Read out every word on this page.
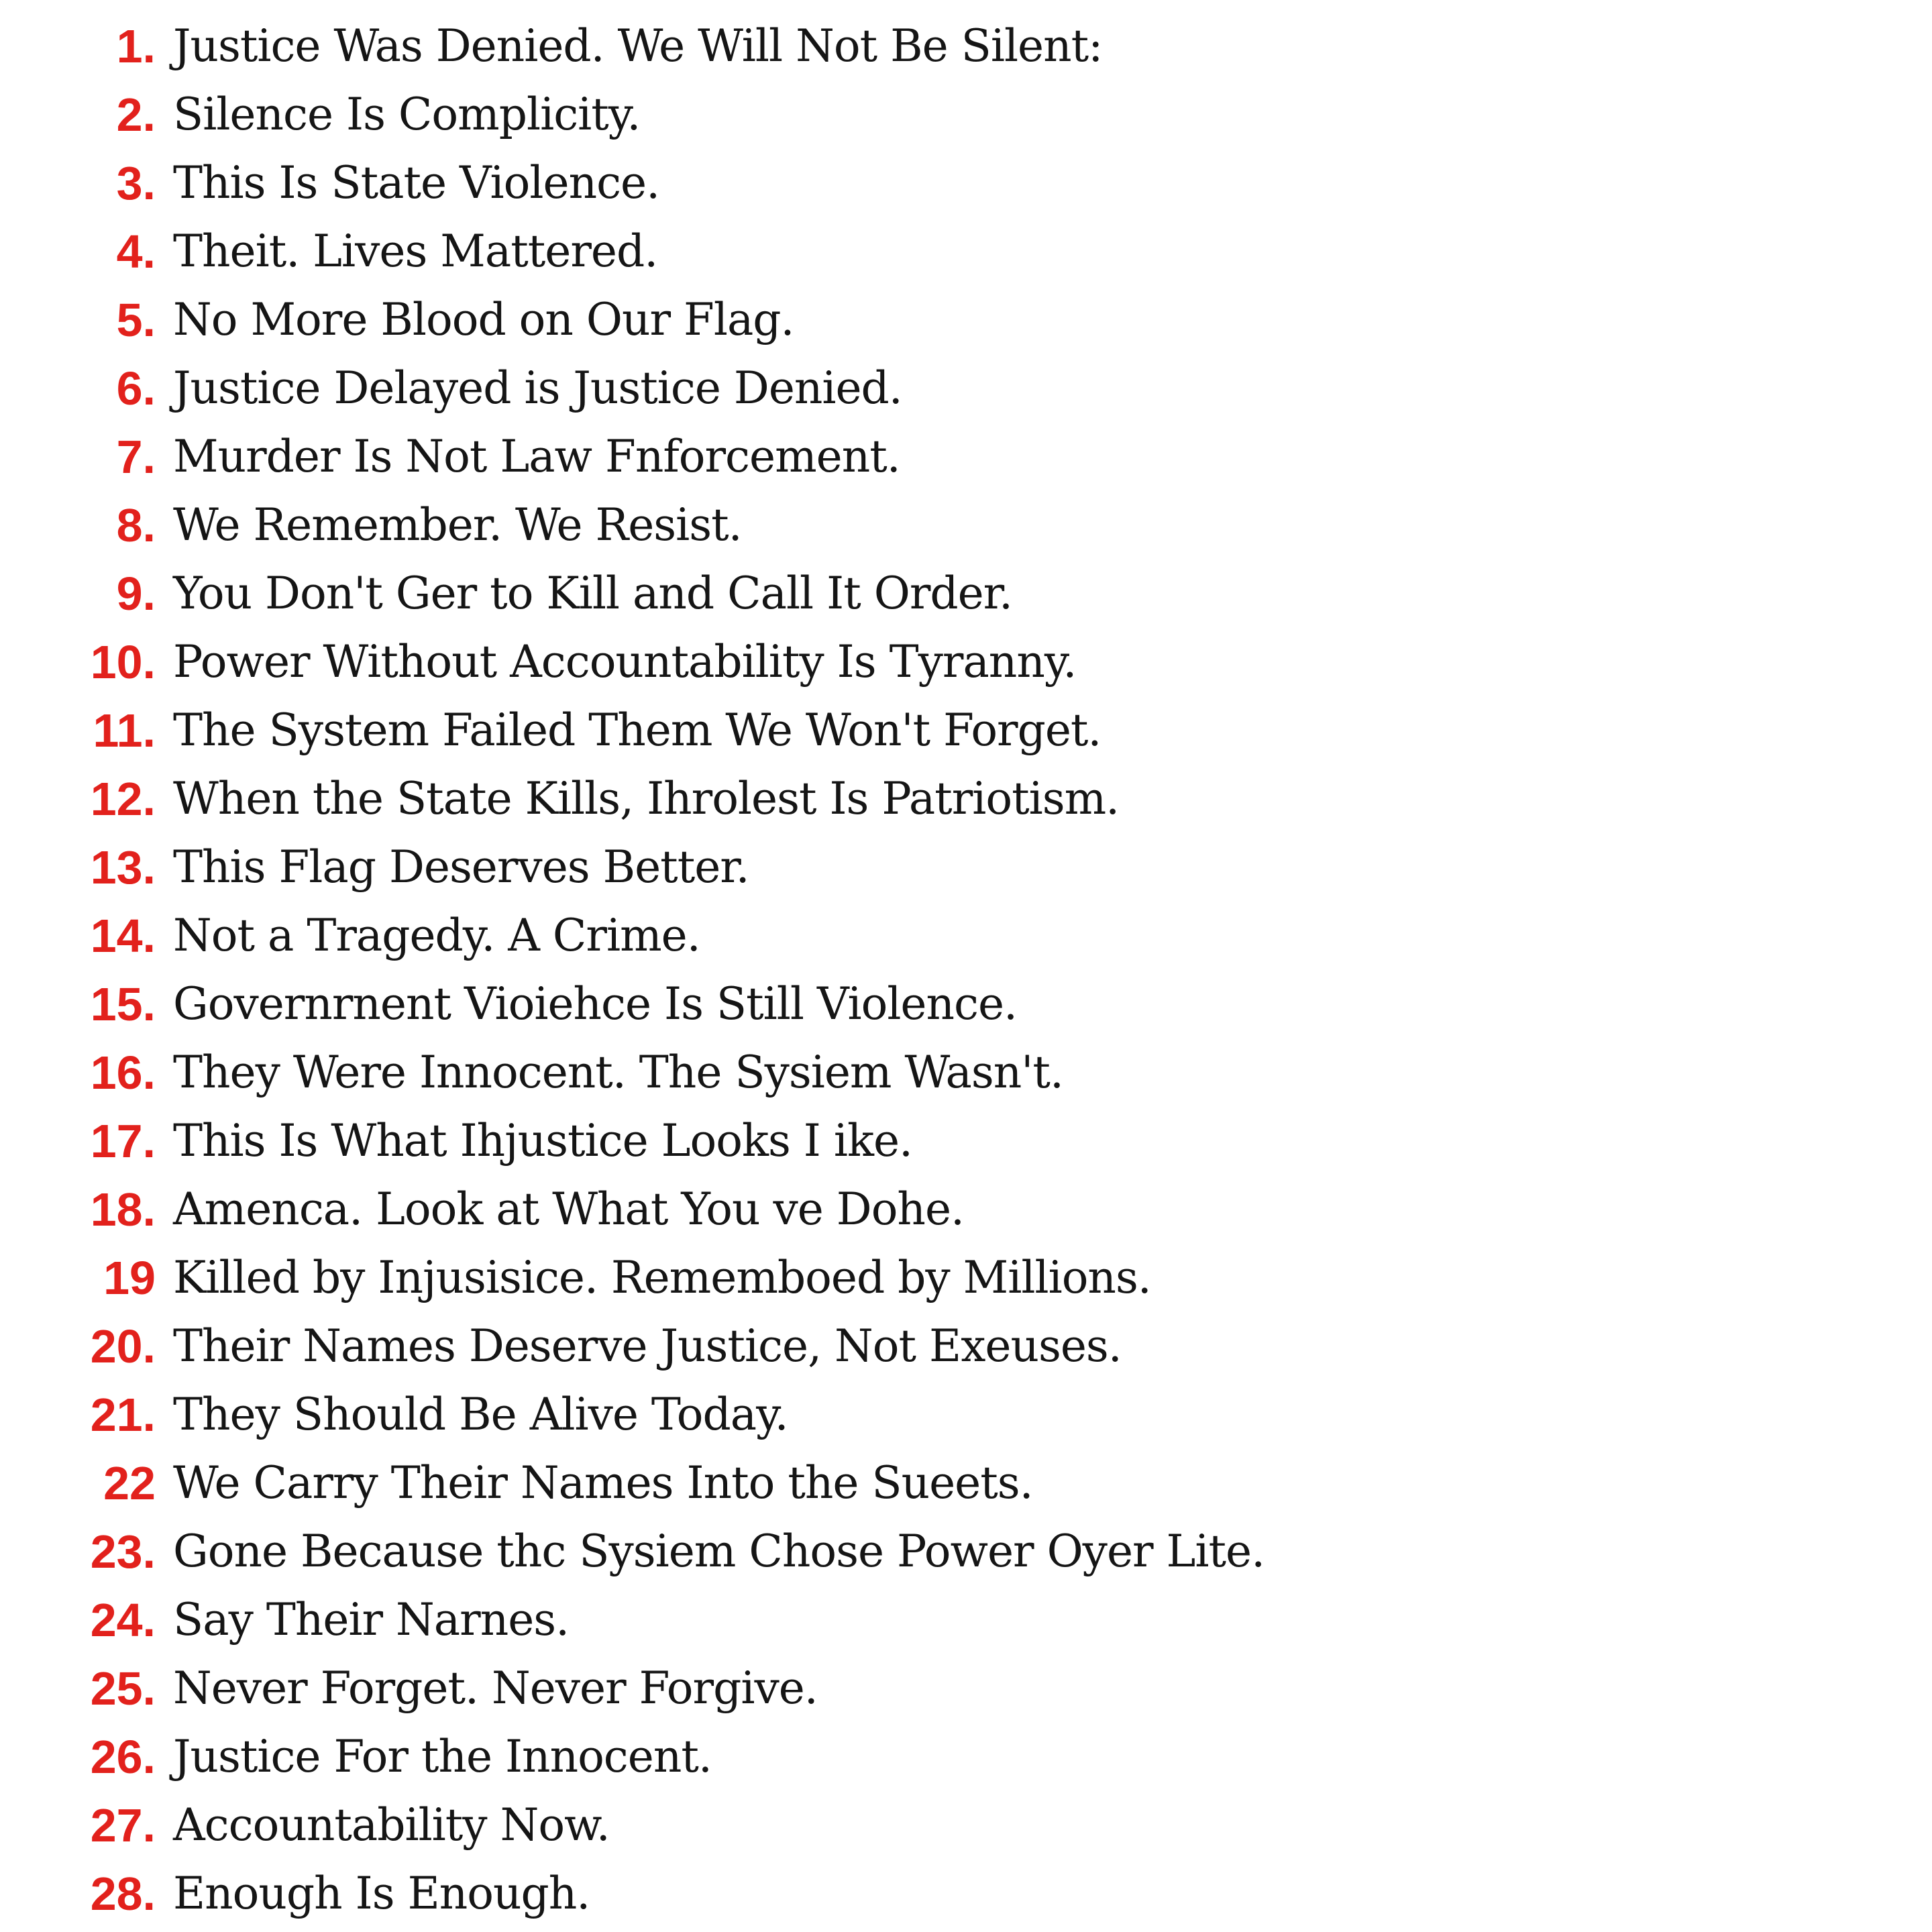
1. Justice Was Denied. We Will Not Be Silent:
2. Silence Is Complicity.
3. This Is State Violence.
4. Theit. Lives Mattered.
5. No More Blood on Our Flag.
6. Justice Delayed is Justice Denied.
7. Murder Is Not Law Fnforcement.
8. We Remember. We Resist.
9. You Don't Ger to Kill and Call It Order.
10. Power Without Accountability Is Tyranny.
11. The System Failed Them We Won't Forget.
12. When the State Kills, Ihrolest Is Patriotism.
13. This Flag Deserves Better.
14. Not a Tragedy. A Crime.
15. Governrnent Vioiehce Is Still Violence.
16. They Were Innocent. The Sysiem Wasn't.
17. This Is What Ihjustice Looks I ike.
18. Amenca. Look at What You ve Dohe.
19 Killed by Injusisice. Rememboed by Millions.
20. Their Names Deserve Justice, Not Exeuses.
21. They Should Be Alive Today.
22 We Carry Their Names Into the Sueets.
23. Gone Because thc Sysiem Chose Power Oyer Lite.
24. Say Their Narnes.
25. Never Forget. Never Forgive.
26. Justice For the Innocent.
27. Accountability Now.
28. Enough Is Enough.
